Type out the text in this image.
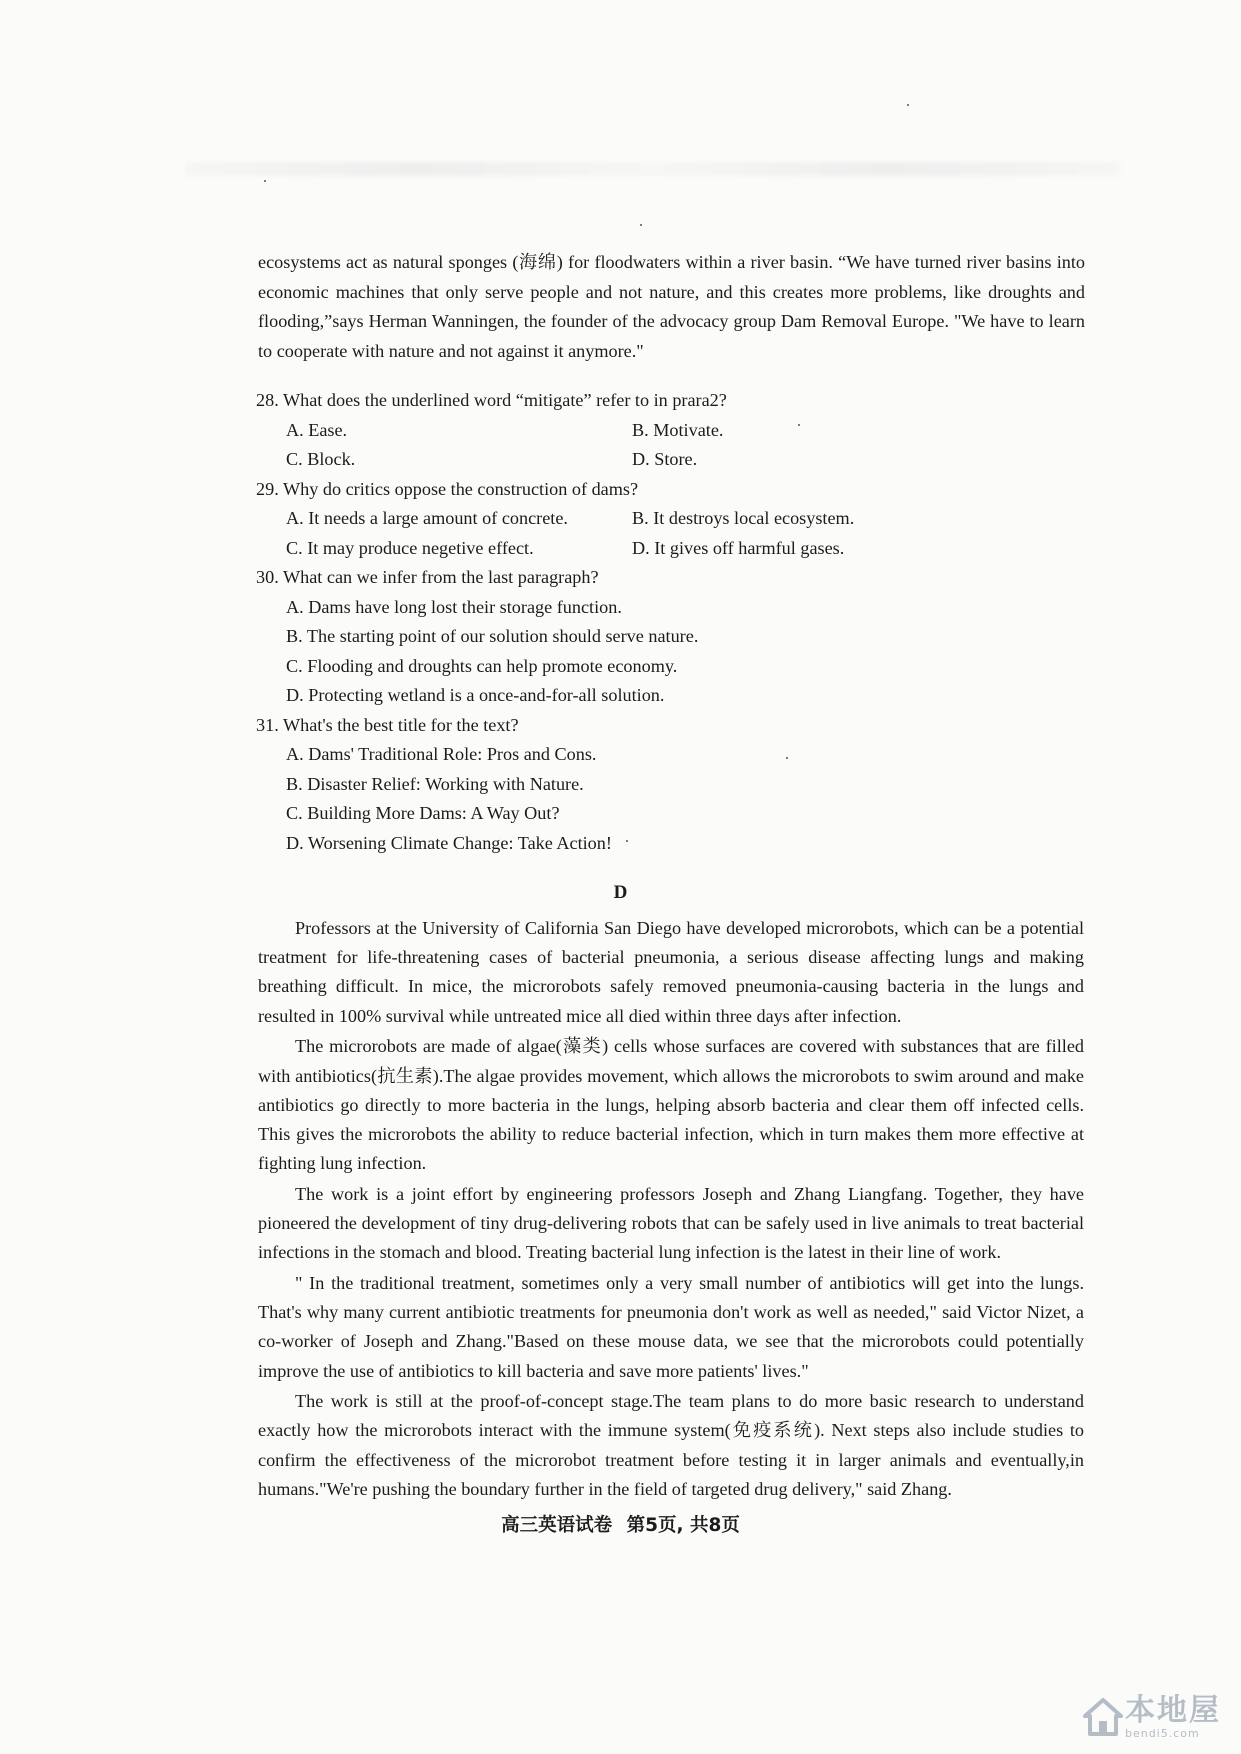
ecosystems act as natural sponges (海绵) for floodwaters within a river basin. “We have turned river basins into economic machines that only serve people and not nature, and this creates more problems, like droughts and flooding,”says Herman Wanningen, the founder of the advocacy group Dam Removal Europe. "We have to learn to cooperate with nature and not against it anymore."

28. What does the underlined word “mitigate” refer to in prara2?
A. Ease.	B. Motivate.
C. Block.	D. Store.
29. Why do critics oppose the construction of dams?
A. It needs a large amount of concrete.	B. It destroys local ecosystem.
C. It may produce negetive effect.	D. It gives off harmful gases.
30. What can we infer from the last paragraph?
A. Dams have long lost their storage function.
B. The starting point of our solution should serve nature.
C. Flooding and droughts can help promote economy.
D. Protecting wetland is a once-and-for-all solution.
31. What's the best title for the text?
A. Dams' Traditional Role: Pros and Cons.
B. Disaster Relief: Working with Nature.
C. Building More Dams: A Way Out?
D. Worsening Climate Change: Take Action!
D

Professors at the University of California San Diego have developed microrobots, which can be a potential treatment for life-threatening cases of bacterial pneumonia, a serious disease affecting lungs and making breathing difficult. In mice, the microrobots safely removed pneumonia-causing bacteria in the lungs and resulted in 100% survival while untreated mice all died within three days after infection.

The microrobots are made of algae(藻类) cells whose surfaces are covered with substances that are filled with antibiotics(抗生素).The algae provides movement, which allows the microrobots to swim around and make antibiotics go directly to more bacteria in the lungs, helping absorb bacteria and clear them off infected cells. This gives the microrobots the ability to reduce bacterial infection, which in turn makes them more effective at fighting lung infection.

The work is a joint effort by engineering professors Joseph and Zhang Liangfang. Together, they have pioneered the development of tiny drug-delivering robots that can be safely used in live animals to treat bacterial infections in the stomach and blood. Treating bacterial lung infection is the latest in their line of work.

" In the traditional treatment, sometimes only a very small number of antibiotics will get into the lungs. That's why many current antibiotic treatments for pneumonia don't work as well as needed," said Victor Nizet, a co-worker of Joseph and Zhang."Based on these mouse data, we see that the microrobots could potentially improve the use of antibiotics to kill bacteria and save more patients' lives."

The work is still at the proof-of-concept stage.The team plans to do more basic research to understand exactly how the microrobots interact with the immune system(免疫系统). Next steps also include studies to confirm the effectiveness of the microrobot treatment before testing it in larger animals and eventually,in humans."We're pushing the boundary further in the field of targeted drug delivery," said Zhang.

高三英语试卷 第5页, 共8页
本地屋
bendi5.com
